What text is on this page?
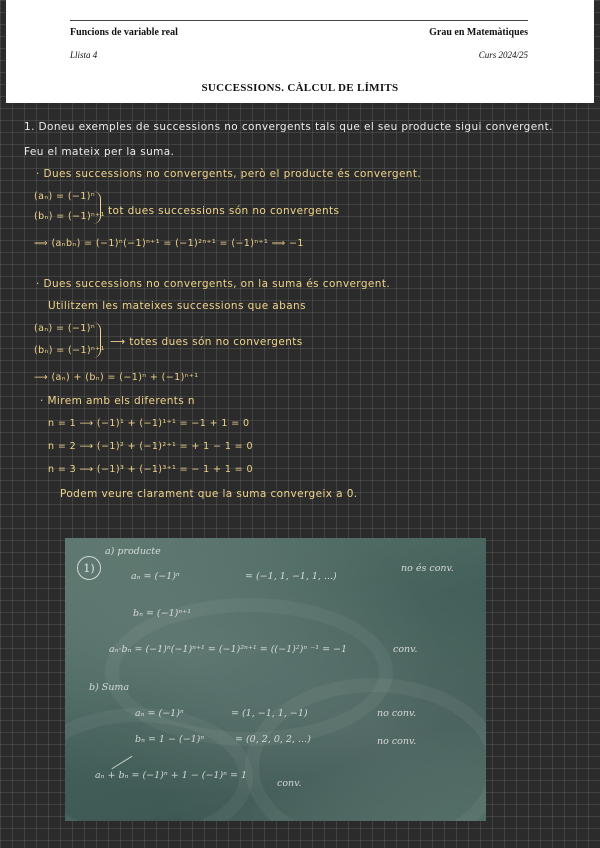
Funcions de variable real	Grau en Matemàtiques
Llista 4	Curs 2024/25
SUCCESSIONS. CÀLCUL DE LÍMITS
1. Doneu exemples de successions no convergents tals que el seu producte sigui convergent.
Feu el mateix per la suma.
· Dues successions no convergents, però el producte és convergent.
(aₙ) = (−1)ⁿ
(bₙ) = (−1)ⁿ⁺¹ tot dues successions són no convergents
⟹ (aₙbₙ) = (−1)ⁿ(−1)ⁿ⁺¹ = (−1)²ⁿ⁺¹ = (−1)ⁿ⁺¹ ⟹ −1
· Dues successions no convergents, on la suma és convergent.
Utilitzem les mateixes successions que abans
(aₙ) = (−1)ⁿ
(bₙ) = (−1)ⁿ⁺¹
⟶ totes dues són no convergents
⟶ (aₙ) + (bₙ) = (−1)ⁿ + (−1)ⁿ⁺¹
· Mirem amb els diferents n
n = 1 ⟶ (−1)¹ + (−1)¹⁺¹ = −1 + 1 = 0
n = 2 ⟶ (−1)² + (−1)²⁺¹ = + 1 − 1 = 0
n = 3 ⟶ (−1)³ + (−1)³⁺¹ = − 1 + 1 = 0
Podem veure clarament que la suma convergeix a 0.
1)
a) producte
aₙ = (−1)ⁿ	= (−1, 1, −1, 1, ...)
no és conv.
bₙ = (−1)ⁿ⁺¹
aₙ·bₙ = (−1)ⁿ(−1)ⁿ⁺¹ = (−1)²ⁿ⁺¹ = ((−1)²)ⁿ ⁻¹ = −1	conv.
b) Suma
aₙ = (−1)ⁿ	= (1, −1, 1, −1)	no conv.
bₙ = 1 − (−1)ⁿ	= (0, 2, 0, 2, ...)	no conv.
aₙ + bₙ = (−1)ⁿ + 1 − (−1)ⁿ = 1
conv.
